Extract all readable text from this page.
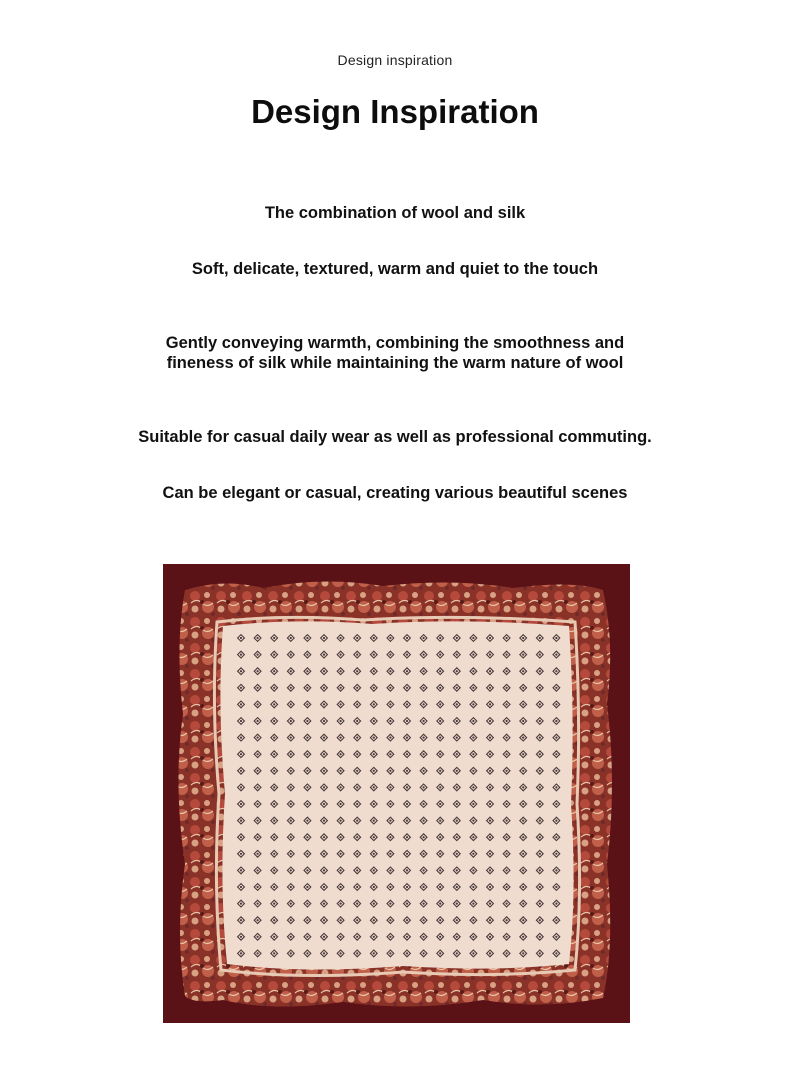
Design inspiration
Design Inspiration
The combination of wool and silk
Soft, delicate, textured, warm and quiet to the touch
Gently conveying warmth, combining the smoothness and
fineness of silk while maintaining the warm nature of wool
Suitable for casual daily wear as well as professional commuting.
Can be elegant or casual, creating various beautiful scenes
